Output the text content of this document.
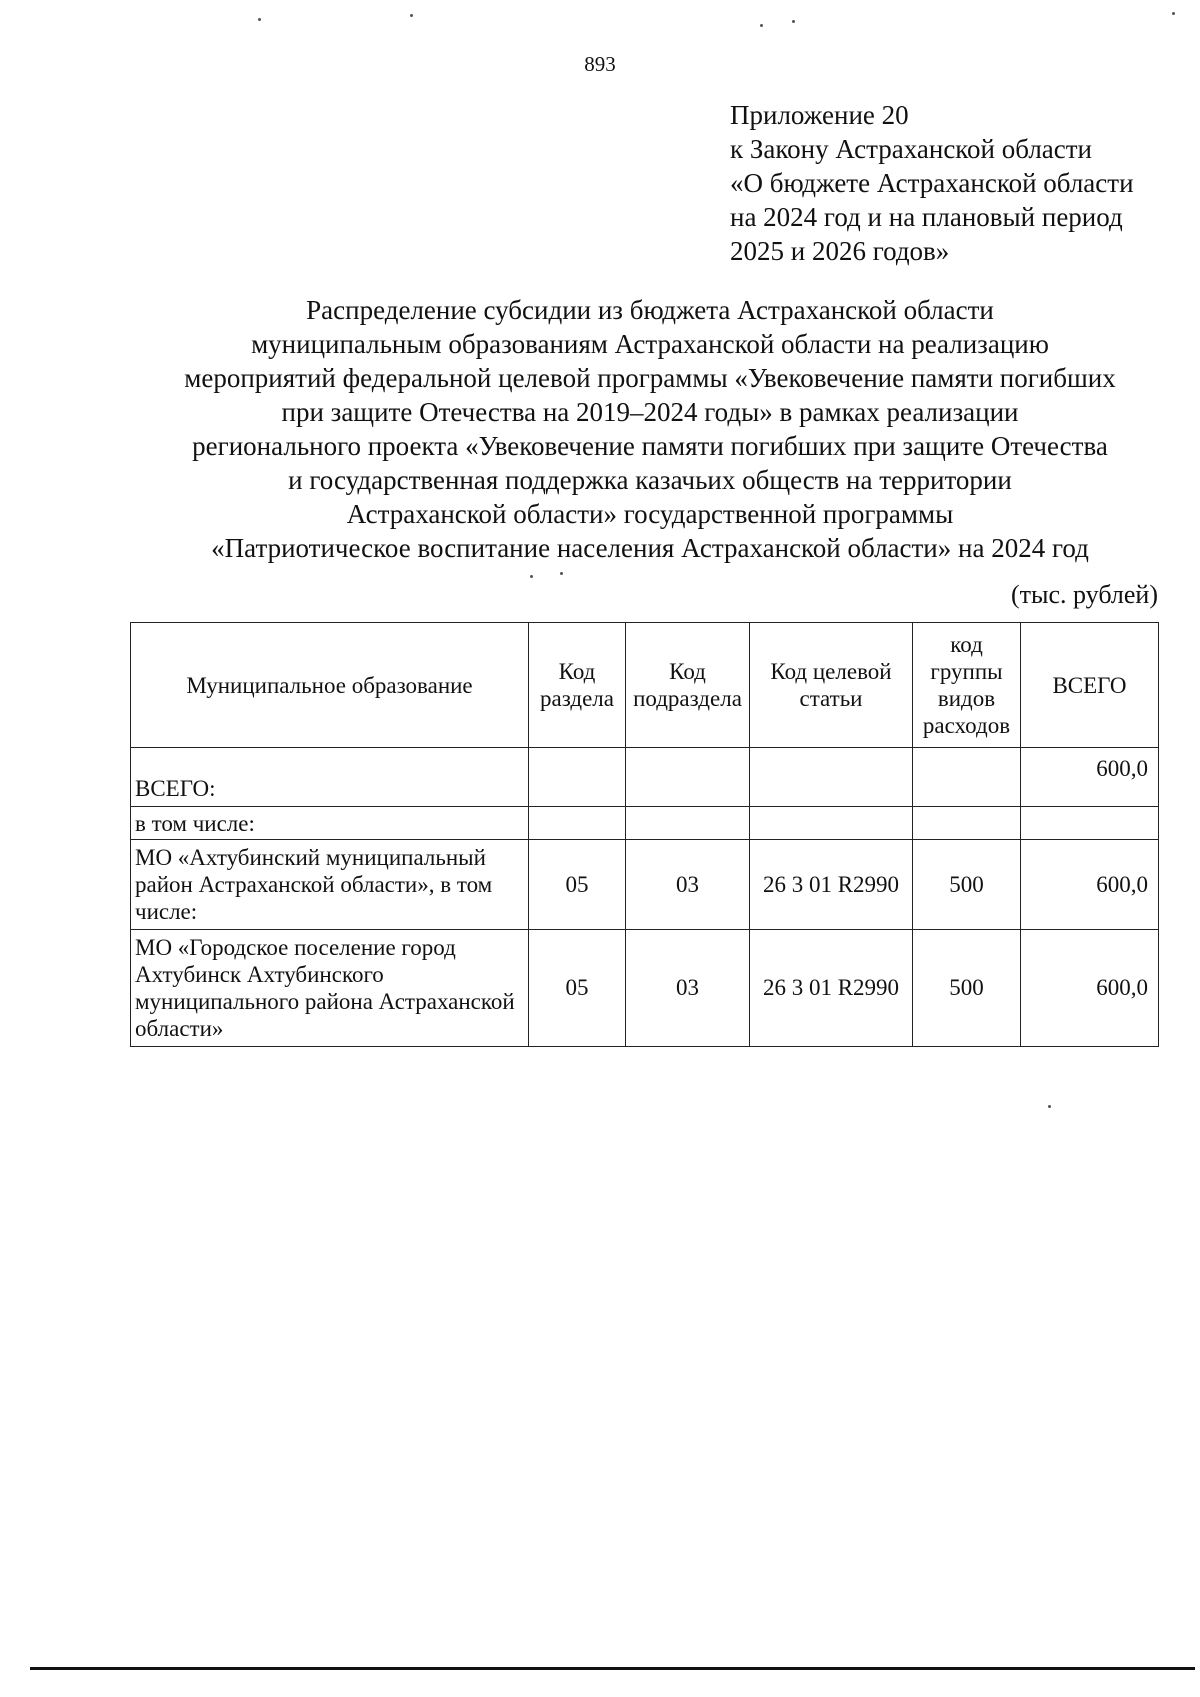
893
Приложение 20
к Закону Астраханской области
«О бюджете Астраханской области
на 2024 год и на плановый период
2025 и 2026 годов»
Распределение субсидии из бюджета Астраханской области
муниципальным образованиям Астраханской области на реализацию
мероприятий федеральной целевой программы «Увековечение памяти погибших
при защите Отечества на 2019–2024 годы» в рамках реализации
регионального проекта «Увековечение памяти погибших при защите Отечества
и государственная поддержка казачьих обществ на территории
Астраханской области» государственной программы
«Патриотическое воспитание населения Астраханской области» на 2024 год
(тыс. рублей)
Муниципальное образование	Код раздела	Код подраздела	Код целевой статьи	код группы видов расходов	ВСЕГО
ВСЕГО:					600,0
в том числе:					
МО «Ахтубинский муниципальный район Астраханской области», в том числе:	05	03	26 3 01 R2990	500	600,0
МО «Городское поселение город Ахтубинск Ахтубинского муниципального района Астраханской области»	05	03	26 3 01 R2990	500	600,0
